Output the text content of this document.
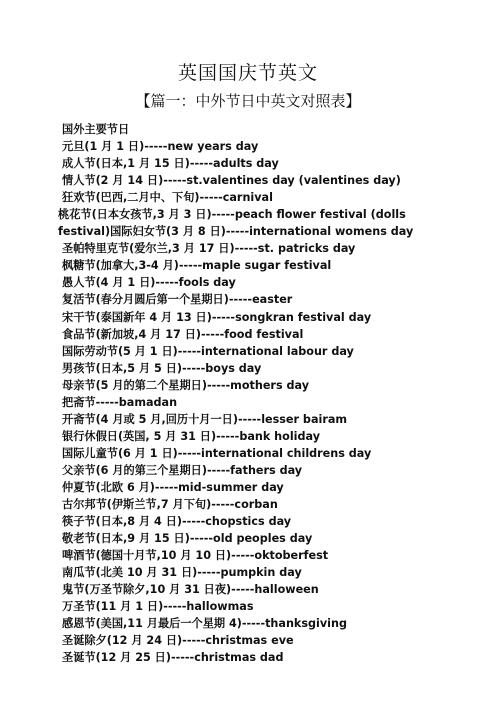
英国国庆节英文
【篇一：中外节日中英文对照表】
国外主要节日
元旦(1 月 1 日)-----new years day
成人节(日本,1 月 15 日)-----adults day
情人节(2 月 14 日)-----st.valentines day (valentines day)
狂欢节(巴西,二月中、下旬)-----carnival
桃花节(日本女孩节,3 月 3 日)-----peach flower festival (dolls festival)国际妇女节(3 月 8 日)-----international womens day
圣帕特里克节(爱尔兰,3 月 17 日)-----st. patricks day
枫糖节(加拿大,3-4 月)-----maple sugar festival
愚人节(4 月 1 日)-----fools day
复活节(春分月圆后第一个星期日)-----easter
宋干节(泰国新年 4 月 13 日)-----songkran festival day
食品节(新加坡,4 月 17 日)-----food festival
国际劳动节(5 月 1 日)-----international labour day
男孩节(日本,5 月 5 日)-----boys day
母亲节(5 月的第二个星期日)-----mothers day
把斋节-----bamadan
开斋节(4 月或 5 月,回历十月一日)-----lesser bairam
银行休假日(英国, 5 月 31 日)-----bank holiday
国际儿童节(6 月 1 日)-----international childrens day
父亲节(6 月的第三个星期日)-----fathers day
仲夏节(北欧 6 月)-----mid-summer day
古尔邦节(伊斯兰节,7 月下旬)-----corban
筷子节(日本,8 月 4 日)-----chopstics day
敬老节(日本,9 月 15 日)-----old peoples day
啤酒节(德国十月节,10 月 10 日)-----oktoberfest
南瓜节(北美 10 月 31 日)-----pumpkin day
鬼节(万圣节除夕,10 月 31 日夜)-----halloween
万圣节(11 月 1 日)-----hallowmas
感恩节(美国,11 月最后一个星期 4)-----thanksgiving
圣诞除夕(12 月 24 日)-----christmas eve
圣诞节(12 月 25 日)-----christmas dad
